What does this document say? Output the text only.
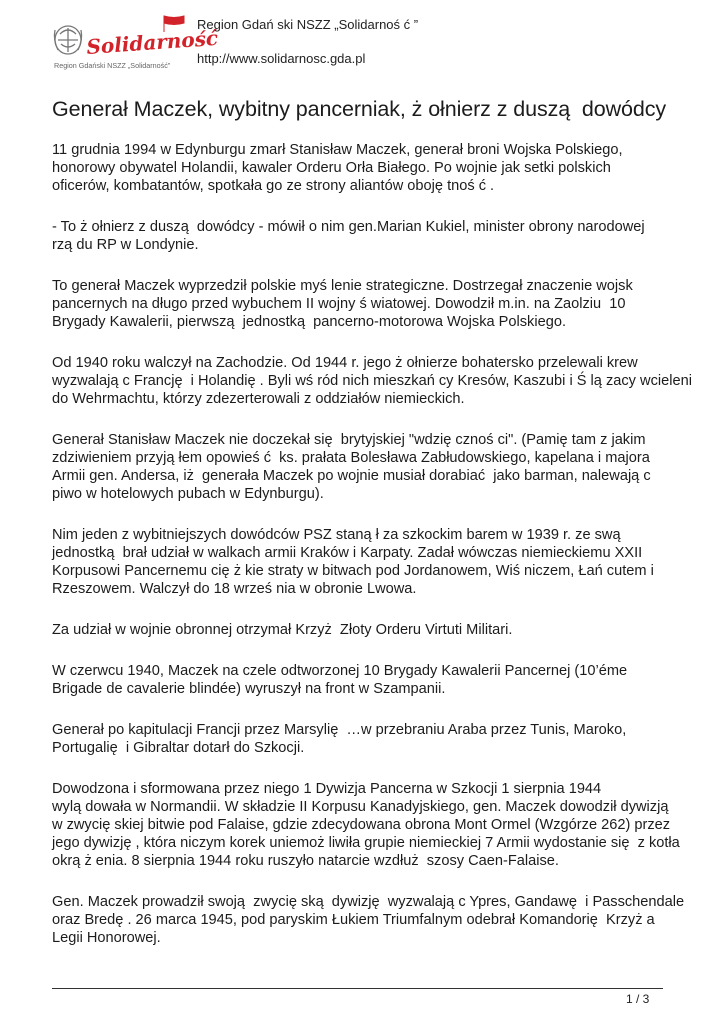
Solidarność
Region Gdański NSZZ „Solidarność”
Region Gdań ski NSZZ „Solidarnoś ć ”
http://www.solidarnosc.gda.pl
Generał Maczek, wybitny pancerniak, ż ołnierz z duszą  dowódcy

11 grudnia 1994 w Edynburgu zmarł Stanisław Maczek, generał broni Wojska Polskiego,
honorowy obywatel Holandii, kawaler Orderu Orła Białego. Po wojnie jak setki polskich
oficerów, kombatantów, spotkała go ze strony aliantów oboję tnoś ć .

- To ż ołnierz z duszą  dowódcy - mówił o nim gen.Marian Kukiel, minister obrony narodowej
rzą du RP w Londynie.

To generał Maczek wyprzedził polskie myś lenie strategiczne. Dostrzegał znaczenie wojsk
pancernych na długo przed wybuchem II wojny ś wiatowej. Dowodził m.in. na Zaolziu  10
Brygady Kawalerii, pierwszą  jednostką  pancerno-motorowa Wojska Polskiego.

Od 1940 roku walczył na Zachodzie. Od 1944 r. jego ż ołnierze bohatersko przelewali krew
wyzwalają c Francję  i Holandię . Byli wś ród nich mieszkań cy Kresów, Kaszubi i Ś lą zacy wcieleni
do Wehrmachtu, którzy zdezerterowali z oddziałów niemieckich.

Generał Stanisław Maczek nie doczekał się  brytyjskiej "wdzię cznoś ci". (Pamię tam z jakim
zdziwieniem przyją łem opowieś ć  ks. prałata Bolesława Zabłudowskiego, kapelana i majora
Armii gen. Andersa, iż  generała Maczek po wojnie musiał dorabiać  jako barman, nalewają c
piwo w hotelowych pubach w Edynburgu).

Nim jeden z wybitniejszych dowódców PSZ staną ł za szkockim barem w 1939 r. ze swą
jednostką  brał udział w walkach armii Kraków i Karpaty. Zadał wówczas niemieckiemu XXII
Korpusowi Pancernemu cię ż kie straty w bitwach pod Jordanowem, Wiś niczem, Łań cutem i
Rzeszowem. Walczył do 18 wrześ nia w obronie Lwowa.

Za udział w wojnie obronnej otrzymał Krzyż  Złoty Orderu Virtuti Militari.

W czerwcu 1940, Maczek na czele odtworzonej 10 Brygady Kawalerii Pancernej (10’éme
Brigade de cavalerie blindée) wyruszył na front w Szampanii.

Generał po kapitulacji Francji przez Marsylię  …w przebraniu Araba przez Tunis, Maroko,
Portugalię  i Gibraltar dotarł do Szkocji.

Dowodzona i sformowana przez niego 1 Dywizja Pancerna w Szkocji 1 sierpnia 1944
wylą dowała w Normandii. W składzie II Korpusu Kanadyjskiego, gen. Maczek dowodził dywizją
w zwycię skiej bitwie pod Falaise, gdzie zdecydowana obrona Mont Ormel (Wzgórze 262) przez
jego dywizję , która niczym korek uniemoż liwiła grupie niemieckiej 7 Armii wydostanie się  z kotła
okrą ż enia. 8 sierpnia 1944 roku ruszyło natarcie wzdłuż  szosy Caen-Falaise.

Gen. Maczek prowadził swoją  zwycię ską  dywizję  wyzwalają c Ypres, Gandawę  i Passchendale
oraz Bredę . 26 marca 1945, pod paryskim Łukiem Triumfalnym odebrał Komandorię  Krzyż a
Legii Honorowej.

1 / 3
